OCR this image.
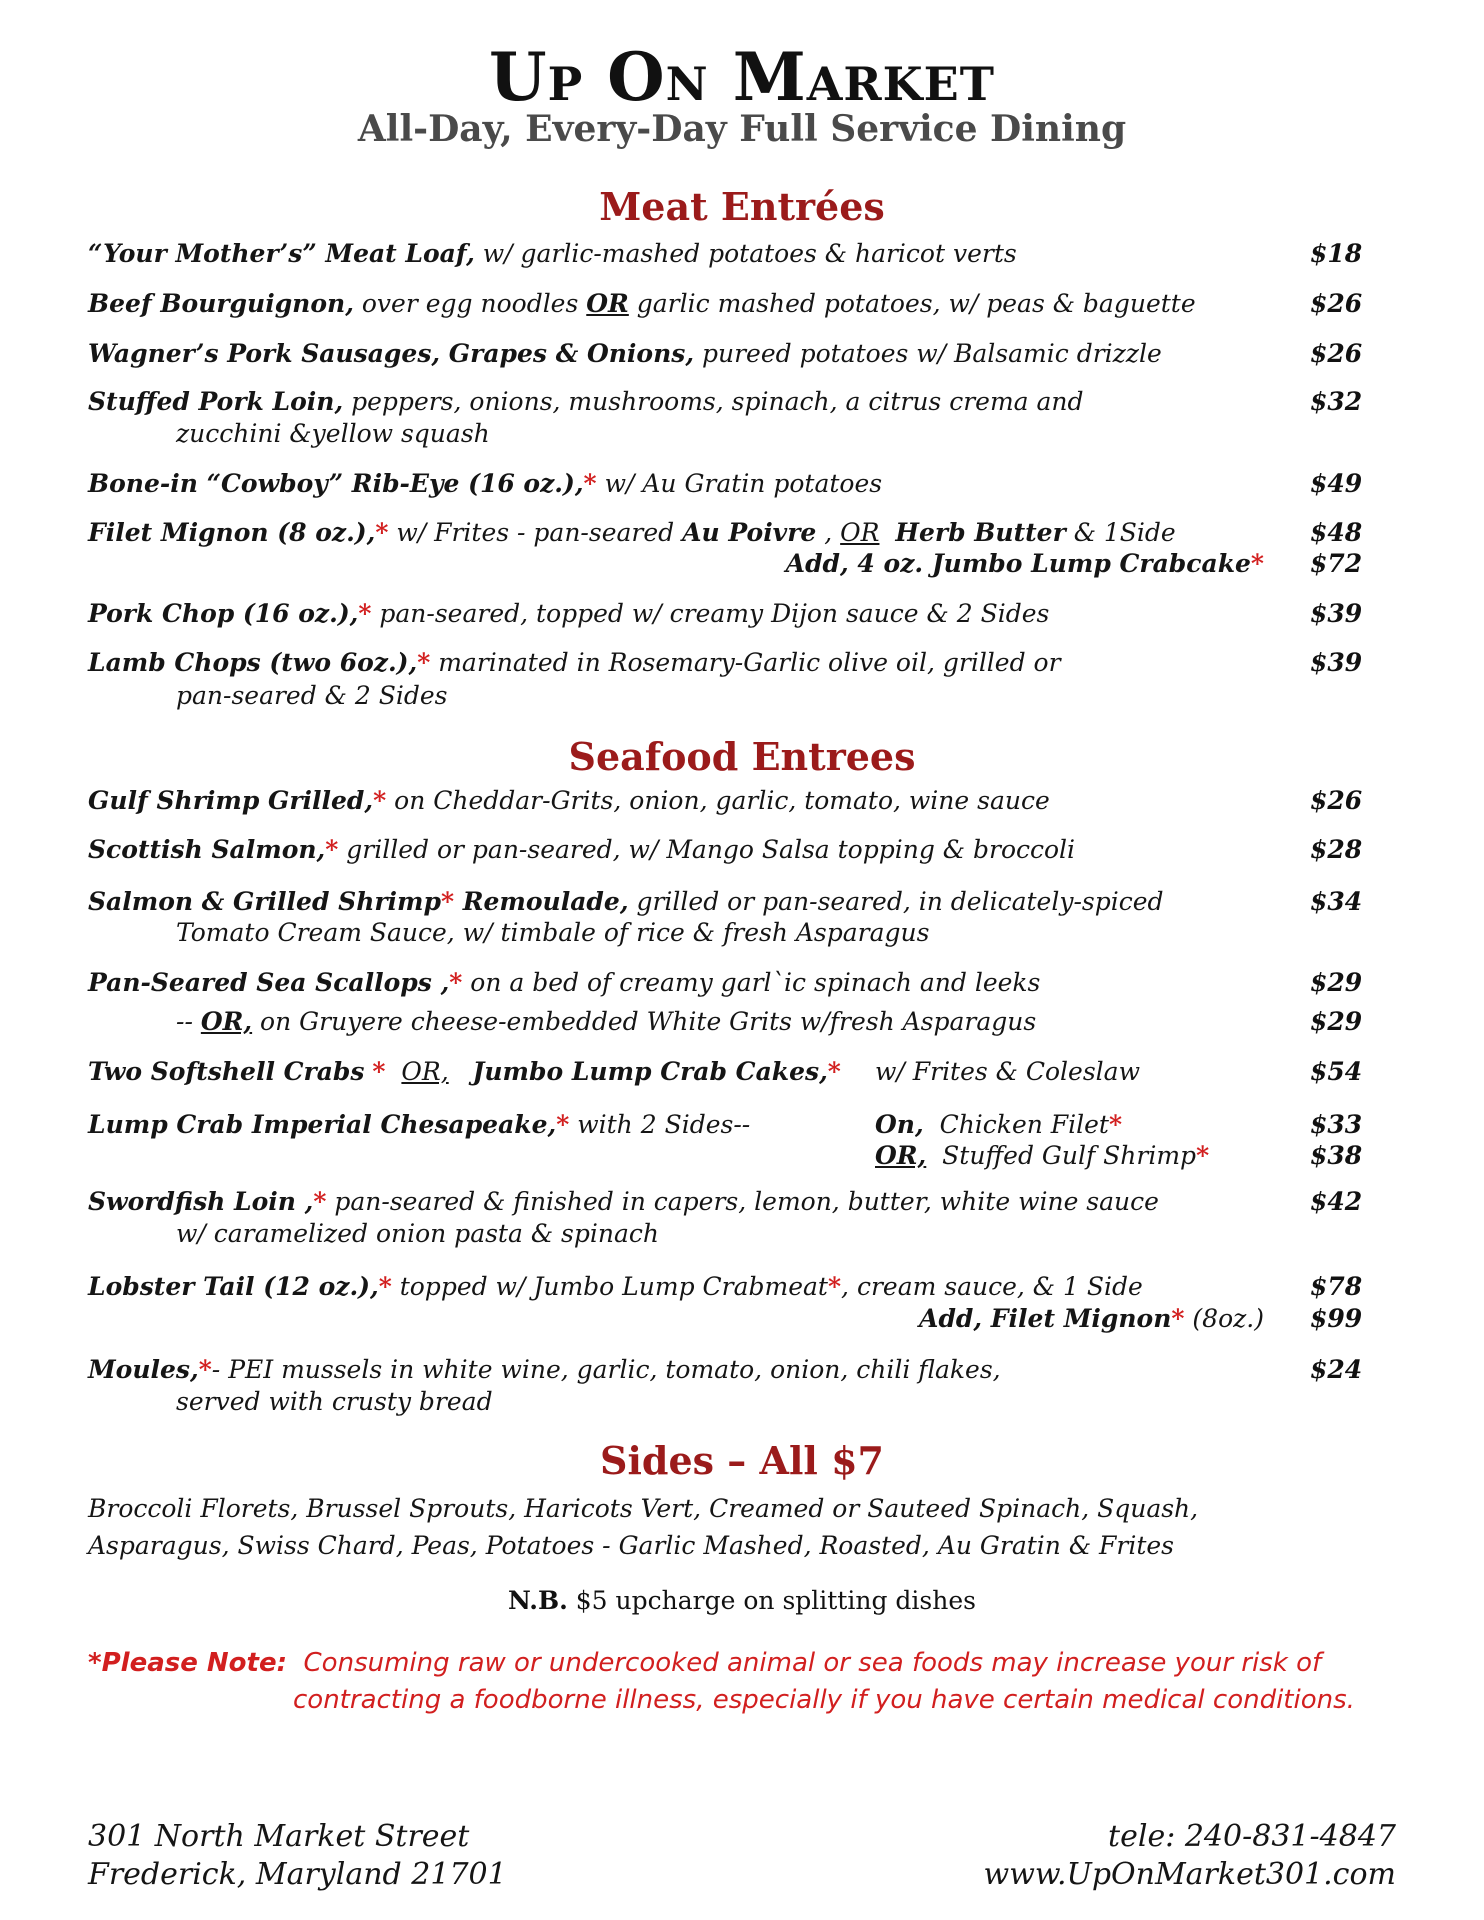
Up On Market
All-Day, Every-Day Full Service Dining
Meat Entrées
“Your Mother’s” Meat Loaf, w/ garlic-mashed potatoes & haricot verts	$18
Beef Bourguignon, over egg noodles OR garlic mashed potatoes, w/ peas & baguette	$26
Wagner’s Pork Sausages, Grapes & Onions, pureed potatoes w/ Balsamic drizzle	$26
Stuffed Pork Loin, peppers, onions, mushrooms, spinach, a citrus crema and
zucchini &yellow squash
$32
Bone-in “Cowboy” Rib-Eye (16 oz.),* w/ Au Gratin potatoes	$49
Filet Mignon (8 oz.),* w/ Frites - pan-seared Au Poivre , OR Herb Butter & 1Side	$48
Add, 4 oz. Jumbo Lump Crabcake* $72
Pork Chop (16 oz.),* pan-seared, topped w/ creamy Dijon sauce & 2 Sides	$39
Lamb Chops (two 6oz.),* marinated in Rosemary-Garlic olive oil, grilled or
pan-seared & 2 Sides
$39
Seafood Entrees
Gulf Shrimp Grilled,* on Cheddar-Grits, onion, garlic, tomato, wine sauce	$26
Scottish Salmon,* grilled or pan-seared, w/ Mango Salsa topping & broccoli	$28
Salmon & Grilled Shrimp* Remoulade, grilled or pan-seared, in delicately-spiced
Tomato Cream Sauce, w/ timbale of rice & fresh Asparagus
$34
Pan-Seared Sea Scallops ,* on a bed of creamy garl`ic spinach and leeks	$29
-- OR, on Gruyere cheese-embedded White Grits w/fresh Asparagus	$29
Two Softshell Crabs * OR, Jumbo Lump Crab Cakes,* w/ Frites & Coleslaw	$54
Lump Crab Imperial Chesapeake,* with 2 Sides--	On, Chicken Filet*	$33
OR, Stuffed Gulf Shrimp*	$38
Swordfish Loin ,* pan-seared & finished in capers, lemon, butter, white wine sauce
w/ caramelized onion pasta & spinach
$42
Lobster Tail (12 oz.),* topped w/ Jumbo Lump Crabmeat*, cream sauce, & 1 Side	$78
Add, Filet Mignon* (8oz.) $99
Moules,*- PEI mussels in white wine, garlic, tomato, onion, chili flakes,
served with crusty bread
$24
Sides – All $7
Broccoli Florets, Brussel Sprouts, Haricots Vert, Creamed or Sauteed Spinach, Squash,
Asparagus, Swiss Chard, Peas, Potatoes - Garlic Mashed, Roasted, Au Gratin & Frites
N.B. $5 upcharge on splitting dishes
*Please Note: Consuming raw or undercooked animal or sea foods may increase your risk of
contracting a foodborne illness, especially if you have certain medical conditions.
301 North Market Street
Frederick, Maryland 21701
tele: 240-831-4847
www.UpOnMarket301.com
